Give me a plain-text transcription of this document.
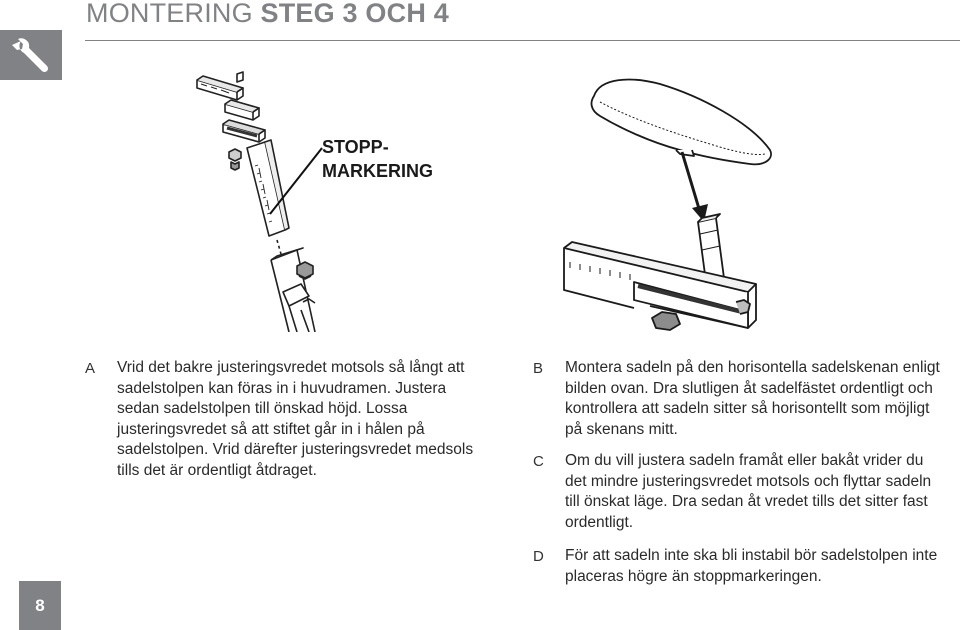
MONTERING STEG 3 OCH 4
STOPP-
MARKERING
A Vrid det bakre justeringsvredet motsols så långt att sadelstolpen kan föras in i huvudramen. Justera sedan sadelstolpen till önskad höjd. Lossa justeringsvredet så att stiftet går in i hålen på sadelstolpen. Vrid därefter justeringsvredet medsols tills det är ordentligt åtdraget.
B Montera sadeln på den horisontella sadelskenan enligt bilden ovan. Dra slutligen åt sadelfästet ordentligt och kontrollera att sadeln sitter så horisontellt som möjligt på skenans mitt.
C Om du vill justera sadeln framåt eller bakåt vrider du det mindre justeringsvredet motsols och flyttar sadeln till önskat läge. Dra sedan åt vredet tills det sitter fast ordentligt.
D För att sadeln inte ska bli instabil bör sadelstolpen inte placeras högre än stoppmarkeringen.
8
